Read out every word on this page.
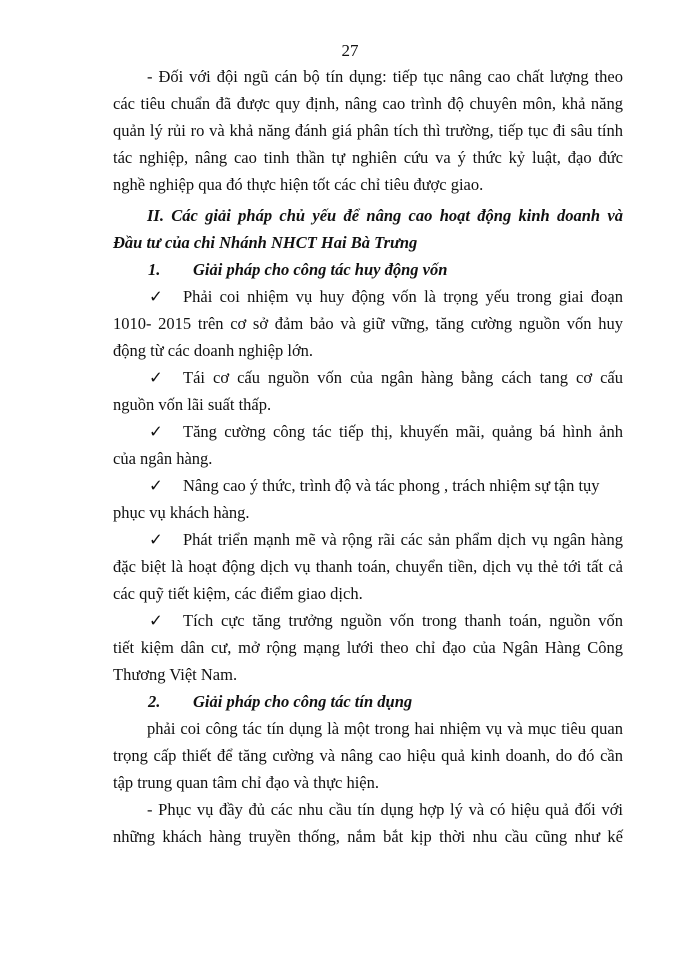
27
- Đối với đội ngũ cán bộ tín dụng: tiếp tục nâng cao chất lượng theo
các tiêu chuẩn đã được quy định, nâng cao trình độ chuyên môn, khả năng
quản lý rủi ro và khả năng đánh giá phân tích thì trường, tiếp tục đi sâu tính
tác nghiệp, nâng cao tinh thần tự nghiên cứu va ý thức kỷ luật, đạo đức
nghề nghiệp qua đó thực hiện tốt các chỉ tiêu được giao.
II. Các giải pháp chủ yếu để nâng cao hoạt động kinh doanh và
Đầu tư của chi Nhánh NHCT Hai Bà Trưng
1. Giải pháp cho công tác huy động vốn
✓ Phải coi nhiệm vụ huy động vốn là trọng yếu trong giai đoạn
1010- 2015 trên cơ sở đảm bảo và giữ vững, tăng cường nguồn vốn huy
động từ các doanh nghiệp lớn.
✓ Tái cơ cấu nguồn vốn của ngân hàng bằng cách tang cơ cấu
nguồn vốn lãi suất thấp.
✓ Tăng cường công tác tiếp thị, khuyến mãi, quảng bá hình ảnh
của ngân hàng.
✓ Nâng cao ý thức, trình độ và tác phong , trách nhiệm sự tận tụy
phục vụ khách hàng.
✓ Phát triển mạnh mẽ và rộng rãi các sản phẩm dịch vụ ngân hàng
đặc biệt là hoạt động dịch vụ thanh toán, chuyển tiền, dịch vụ thẻ tới tất cả
các quỹ tiết kiệm, các điểm giao dịch.
✓ Tích cực tăng trưởng nguồn vốn trong thanh toán, nguồn vốn
tiết kiệm dân cư, mở rộng mạng lưới theo chỉ đạo của Ngân Hàng Công
Thương Việt Nam.
2. Giải pháp cho công tác tín dụng
phải coi công tác tín dụng là một trong hai nhiệm vụ và mục tiêu quan
trọng cấp thiết để tăng cường và nâng cao hiệu quả kinh doanh, do đó cần
tập trung quan tâm chỉ đạo và thực hiện.
- Phục vụ đầy đủ các nhu cầu tín dụng hợp lý và có hiệu quả đối với
những khách hàng truyền thống, nắm bắt kịp thời nhu cầu cũng như kế
